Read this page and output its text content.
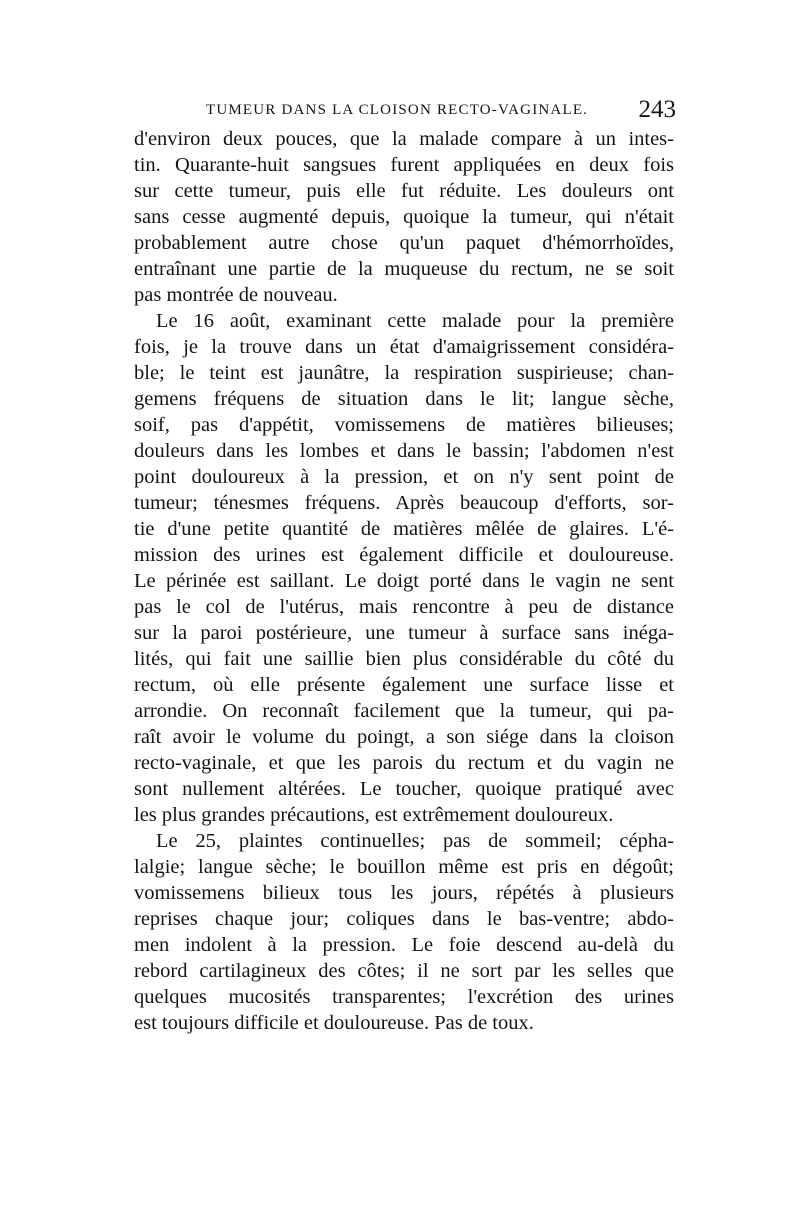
TUMEUR DANS LA CLOISON RECTO-VAGINALE. 243
d'environ deux pouces, que la malade compare à un intes-
tin. Quarante-huit sangsues furent appliquées en deux fois
sur cette tumeur, puis elle fut réduite. Les douleurs ont
sans cesse augmenté depuis, quoique la tumeur, qui n'était
probablement autre chose qu'un paquet d'hémorrhoïdes,
entraînant une partie de la muqueuse du rectum, ne se soit
pas montrée de nouveau.
Le 16 août, examinant cette malade pour la première
fois, je la trouve dans un état d'amaigrissement considéra-
ble; le teint est jaunâtre, la respiration suspirieuse; chan-
gemens fréquens de situation dans le lit; langue sèche,
soif, pas d'appétit, vomissemens de matières bilieuses;
douleurs dans les lombes et dans le bassin; l'abdomen n'est
point douloureux à la pression, et on n'y sent point de
tumeur; ténesmes fréquens. Après beaucoup d'efforts, sor-
tie d'une petite quantité de matières mêlée de glaires. L'é-
mission des urines est également difficile et douloureuse.
Le périnée est saillant. Le doigt porté dans le vagin ne sent
pas le col de l'utérus, mais rencontre à peu de distance
sur la paroi postérieure, une tumeur à surface sans inéga-
lités, qui fait une saillie bien plus considérable du côté du
rectum, où elle présente également une surface lisse et
arrondie. On reconnaît facilement que la tumeur, qui pa-
raît avoir le volume du poingt, a son siége dans la cloison
recto-vaginale, et que les parois du rectum et du vagin ne
sont nullement altérées. Le toucher, quoique pratiqué avec
les plus grandes précautions, est extrêmement douloureux.
Le 25, plaintes continuelles; pas de sommeil; cépha-
lalgie; langue sèche; le bouillon même est pris en dégoût;
vomissemens bilieux tous les jours, répétés à plusieurs
reprises chaque jour; coliques dans le bas-ventre; abdo-
men indolent à la pression. Le foie descend au-delà du
rebord cartilagineux des côtes; il ne sort par les selles que
quelques mucosités transparentes; l'excrétion des urines
est toujours difficile et douloureuse. Pas de toux.
